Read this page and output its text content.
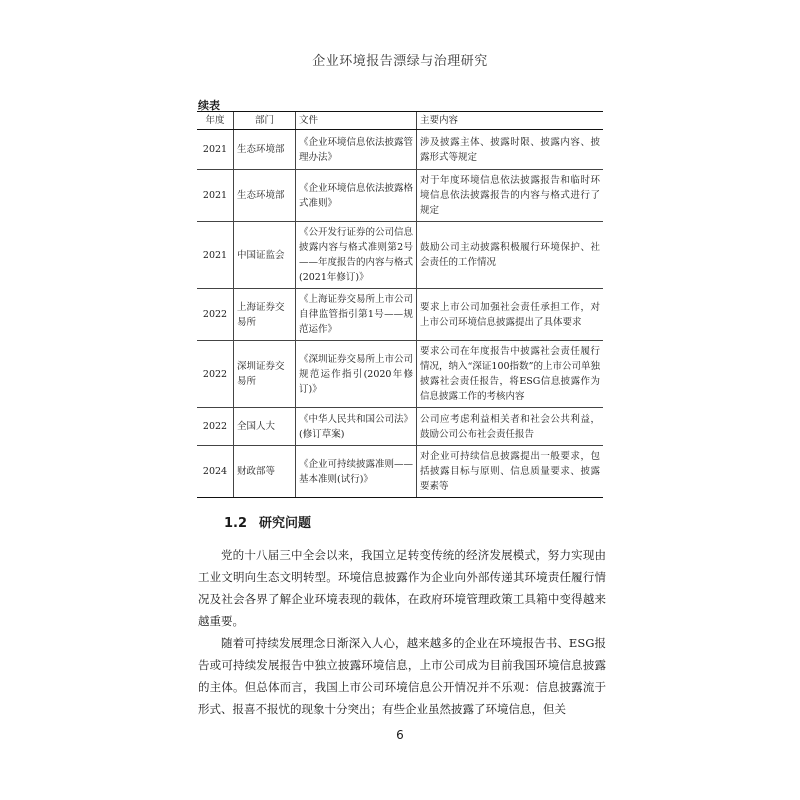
企业环境报告漂绿与治理研究
续表
年度	部门	文件	主要内容
2021	生态环境部	《企业环境信息依法披露管理办法》	涉及披露主体、披露时限、披露内容、披露形式等规定
2021	生态环境部	《企业环境信息依法披露格式准则》	对于年度环境信息依法披露报告和临时环境信息依法披露报告的内容与格式进行了规定
2021	中国证监会	《公开发行证券的公司信息披露内容与格式准则第2号——年度报告的内容与格式(2021年修订)》	鼓励公司主动披露积极履行环境保护、社会责任的工作情况
2022	上海证券交易所	《上海证券交易所上市公司自律监管指引第1号——规范运作》	要求上市公司加强社会责任承担工作，对上市公司环境信息披露提出了具体要求
2022	深圳证券交易所	《深圳证券交易所上市公司规范运作指引(2020年修订)》	要求公司在年度报告中披露社会责任履行情况，纳入“深证100指数”的上市公司单独披露社会责任报告，将ESG信息披露作为信息披露工作的考核内容
2022	全国人大	《中华人民共和国公司法》(修订草案)	公司应考虑利益相关者和社会公共利益，鼓励公司公布社会责任报告
2024	财政部等	《企业可持续披露准则——基本准则(试行)》	对企业可持续信息披露提出一般要求，包括披露目标与原则、信息质量要求、披露要素等
1.2 研究问题

党的十八届三中全会以来，我国立足转变传统的经济发展模式，努力实现由工业文明向生态文明转型。环境信息披露作为企业向外部传递其环境责任履行情况及社会各界了解企业环境表现的载体，在政府环境管理政策工具箱中变得越来越重要。

随着可持续发展理念日渐深入人心，越来越多的企业在环境报告书、ESG报告或可持续发展报告中独立披露环境信息，上市公司成为目前我国环境信息披露的主体。但总体而言，我国上市公司环境信息公开情况并不乐观：信息披露流于形式、报喜不报忧的现象十分突出；有些企业虽然披露了环境信息，但关

6
